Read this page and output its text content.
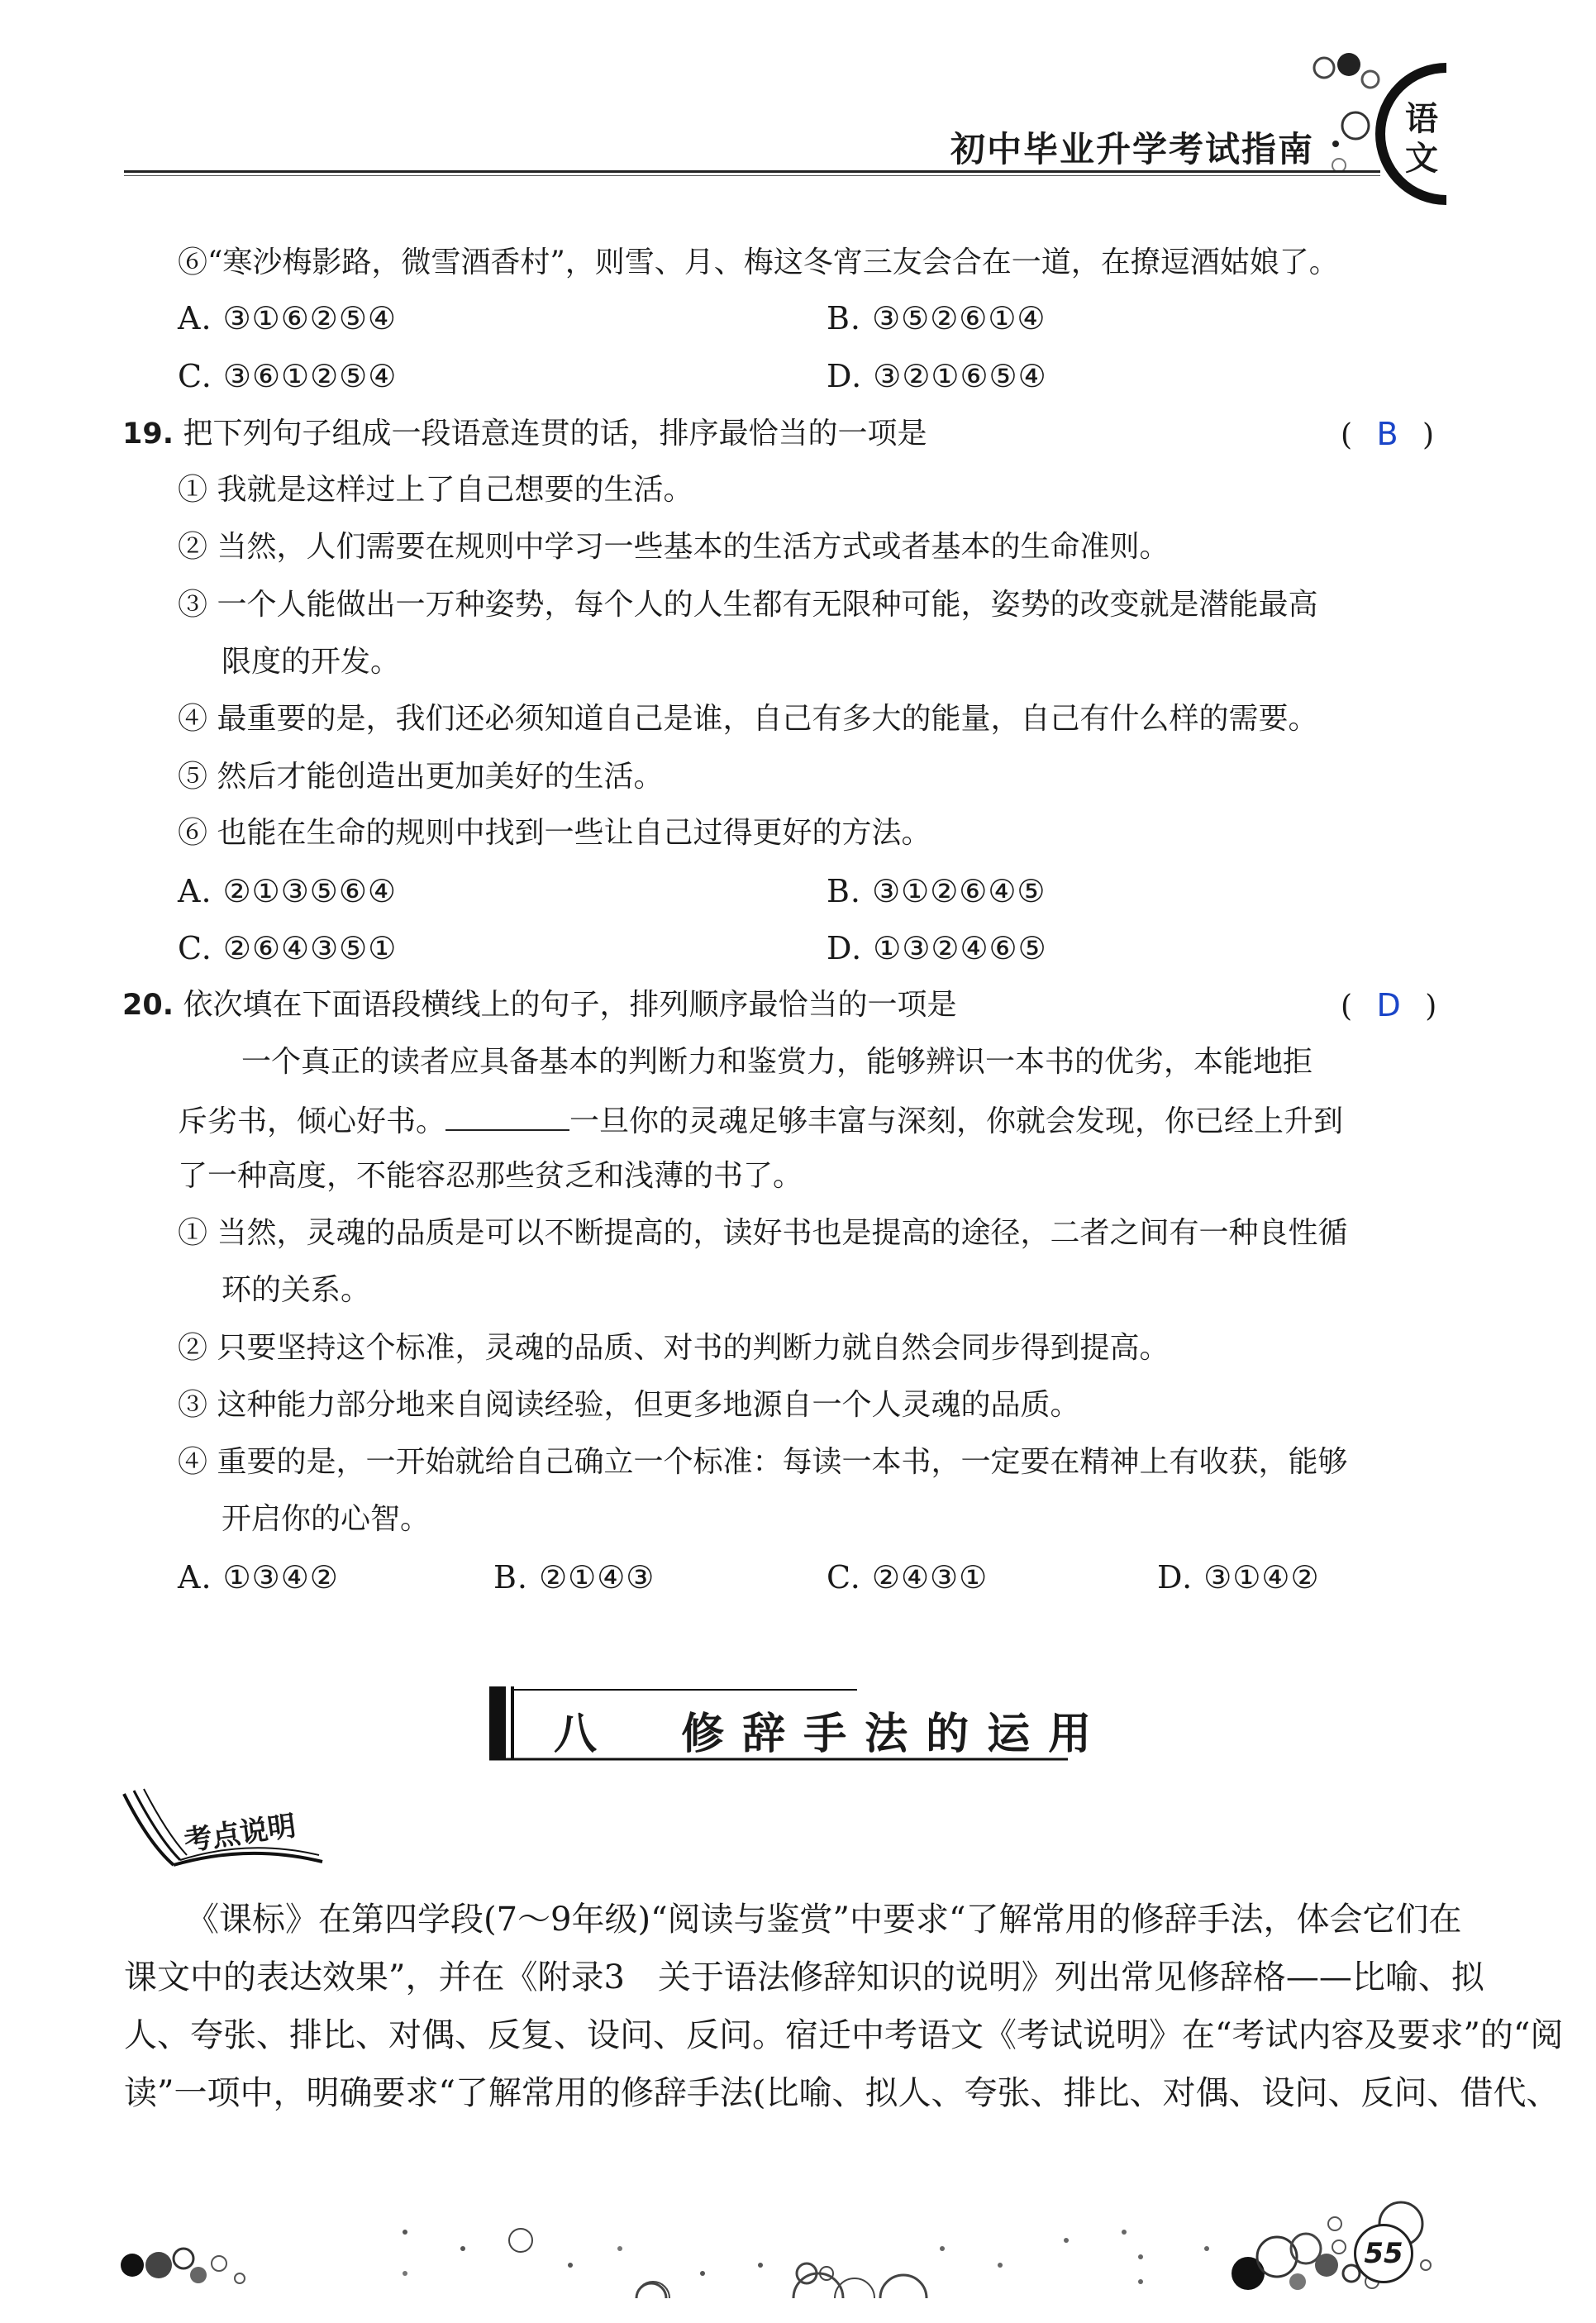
语
文
初中毕业升学考试指南
⑥“寒沙梅影路，微雪酒香村”，则雪、月、梅这冬宵三友会合在一道，在撩逗酒姑娘了。
A. ③①⑥②⑤④	B. ③⑤②⑥①④
C. ③⑥①②⑤④	D. ③②①⑥⑤④
19. 把下列句子组成一段语意连贯的话，排序最恰当的一项是	( B )
① 我就是这样过上了自己想要的生活。
② 当然，人们需要在规则中学习一些基本的生活方式或者基本的生命准则。
③ 一个人能做出一万种姿势，每个人的人生都有无限种可能，姿势的改变就是潜能最高
限度的开发。
④ 最重要的是，我们还必须知道自己是谁，自己有多大的能量，自己有什么样的需要。
⑤ 然后才能创造出更加美好的生活。
⑥ 也能在生命的规则中找到一些让自己过得更好的方法。
A. ②①③⑤⑥④	B. ③①②⑥④⑤
C. ②⑥④③⑤①	D. ①③②④⑥⑤
20. 依次填在下面语段横线上的句子，排列顺序最恰当的一项是	( D )
一个真正的读者应具备基本的判断力和鉴赏力，能够辨识一本书的优劣，本能地拒
斥劣书，倾心好书。	一旦你的灵魂足够丰富与深刻，你就会发现，你已经上升到
了一种高度，不能容忍那些贫乏和浅薄的书了。
① 当然，灵魂的品质是可以不断提高的，读好书也是提高的途径，二者之间有一种良性循
环的关系。
② 只要坚持这个标准，灵魂的品质、对书的判断力就自然会同步得到提高。
③ 这种能力部分地来自阅读经验，但更多地源自一个人灵魂的品质。
④ 重要的是，一开始就给自己确立一个标准：每读一本书，一定要在精神上有收获，能够
开启你的心智。
A. ①③④②	B. ②①④③	C. ②④③①	D. ③①④②
八 修辞手法的运用
考点说明
《课标》在第四学段(7～9年级)“阅读与鉴赏”中要求“了解常用的修辞手法，体会它们在
课文中的表达效果”，并在《附录3　关于语法修辞知识的说明》列出常见修辞格——比喻、拟
人、夸张、排比、对偶、反复、设问、反问。宿迁中考语文《考试说明》在“考试内容及要求”的“阅
读”一项中，明确要求“了解常用的修辞手法(比喻、拟人、夸张、排比、对偶、设问、反问、借代、
55
